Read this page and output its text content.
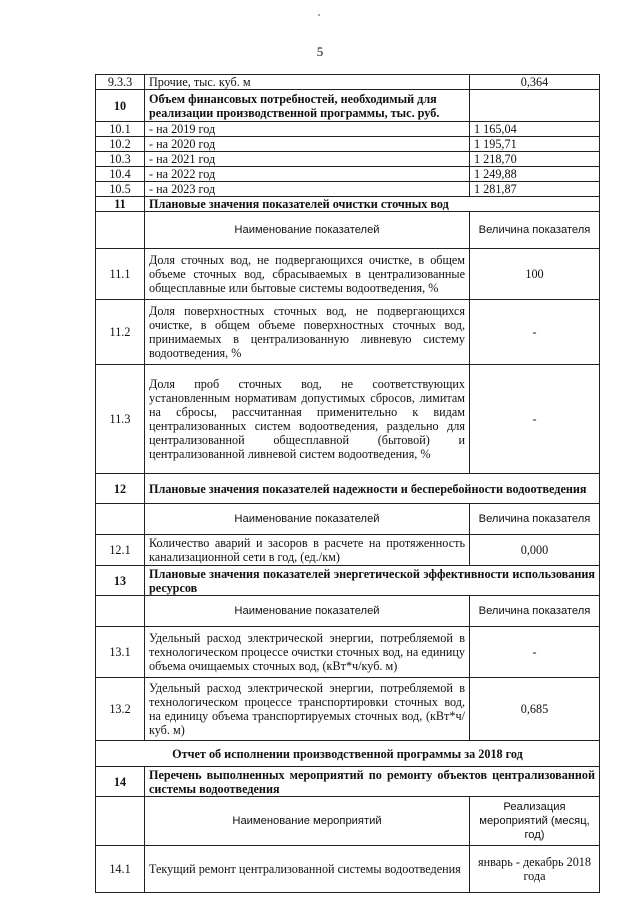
5
9.3.3	Прочие, тыс. куб. м	0,364
10	Объем финансовых потребностей, необходимый для реализации производственной программы, тыс. руб.	
10.1	- на 2019 год	1 165,04
10.2	- на 2020 год	1 195,71
10.3	- на 2021 год	1 218,70
10.4	- на 2022 год	1 249,88
10.5	- на 2023 год	1 281,87
11	Плановые значения показателей очистки сточных вод	
	Наименование показателей	Величина показателя
11.1	Доля сточных вод, не подвергающихся очистке, в общем объеме сточных вод, сбрасываемых в централизованные общесплавные или бытовые системы водоотведения, %	100
11.2	Доля поверхностных сточных вод, не подвергающихся очистке, в общем объеме поверхностных сточных вод, принимаемых в централизованную ливневую систему водоотведения, %	-
11.3	Доля проб сточных вод, не соответствующих установленным нормативам допустимых сбросов, лимитам на сбросы, рассчитанная применительно к видам централизованных систем водоотведения, раздельно для централизованной общесплавной (бытовой) и централизованной ливневой систем водоотведения, %	-
12	Плановые значения показателей надежности и бесперебойности водоотведения	
	Наименование показателей	Величина показателя
12.1	Количество аварий и засоров в расчете на протяженность канализационной сети в год, (ед./км)	0,000
13	Плановые значения показателей энергетической эффективности использования ресурсов	
	Наименование показателей	Величина показателя
13.1	Удельный расход электрической энергии, потребляемой в технологическом процессе очистки сточных вод, на единицу объема очищаемых сточных вод, (кВт*ч/куб. м)	-
13.2	Удельный расход электрической энергии, потребляемой в технологическом процессе транспортировки сточных вод, на единицу объема транспортируемых сточных вод, (кВт*ч/куб. м)	0,685
Отчет об исполнении производственной программы за 2018 год		
14	Перечень выполненных мероприятий по ремонту объектов централизованной системы водоотведения	
	Наименование мероприятий	Реализация мероприятий (месяц, год)
14.1	Текущий ремонт централизованной системы водоотведения	январь - декабрь 2018 года
